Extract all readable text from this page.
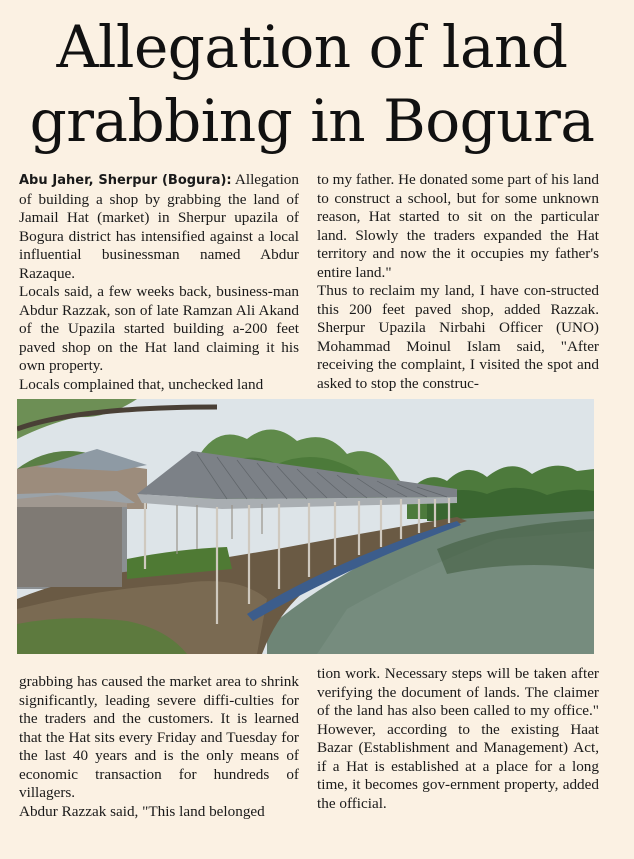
Allegation of land
grabbing in Bogura

Abu Jaher, Sherpur (Bogura): Allegation of building a shop by grabbing the land of Jamail Hat (market) in Sherpur upazila of Bogura district has intensified against a local influential businessman named Abdur Razaque.

Locals said, a few weeks back, business-man Abdur Razzak, son of late Ramzan Ali Akand of the Upazila started building a-200 feet paved shop on the Hat land claiming it his own property.

Locals complained that, unchecked land

to my father. He donated some part of his land to construct a school, but for some unknown reason, Hat started to sit on the particular land. Slowly the traders expanded the Hat territory and now the it occupies my father's entire land."

Thus to reclaim my land, I have con-structed this 200 feet paved shop, added Razzak. Sherpur Upazila Nirbahi Officer (UNO) Mohammad Moinul Islam said, "After receiving the complaint, I visited the spot and asked to stop the construc-

grabbing has caused the market area to shrink significantly, leading severe diffi-culties for the traders and the customers. It is learned that the Hat sits every Friday and Tuesday for the last 40 years and is the only means of economic transaction for hundreds of villagers.

Abdur Razzak said, "This land belonged

tion work. Necessary steps will be taken after verifying the document of lands. The claimer of the land has also been called to my office." However, according to the existing Haat Bazar (Establishment and Management) Act, if a Hat is established at a place for a long time, it becomes gov-ernment property, added the official.
